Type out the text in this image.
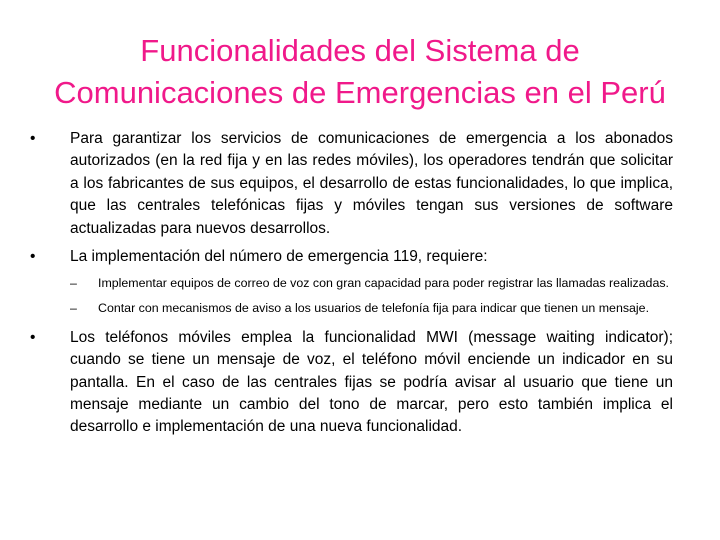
Funcionalidades del Sistema de
Comunicaciones de Emergencias en el Perú

•	Para garantizar los servicios de comunicaciones de emergencia a los abonados autorizados (en la red fija y en las redes móviles), los operadores tendrán que solicitar a los fabricantes de sus equipos, el desarrollo de estas funcionalidades, lo que implica, que las centrales telefónicas fijas y móviles tengan sus versiones de software actualizadas para nuevos desarrollos.

•	La implementación del número de emergencia 119, requiere:

– Implementar equipos de correo de voz con gran capacidad para poder registrar las llamadas realizadas.

– Contar con mecanismos de aviso a los usuarios de telefonía fija para indicar que tienen un mensaje.

•	Los teléfonos móviles emplea la funcionalidad MWI (message waiting indicator); cuando se tiene un mensaje de voz, el teléfono móvil enciende un indicador en su pantalla. En el caso de las centrales fijas se podría avisar al usuario que tiene un mensaje mediante un cambio del tono de marcar, pero esto también implica el desarrollo e implementación de una nueva funcionalidad.
